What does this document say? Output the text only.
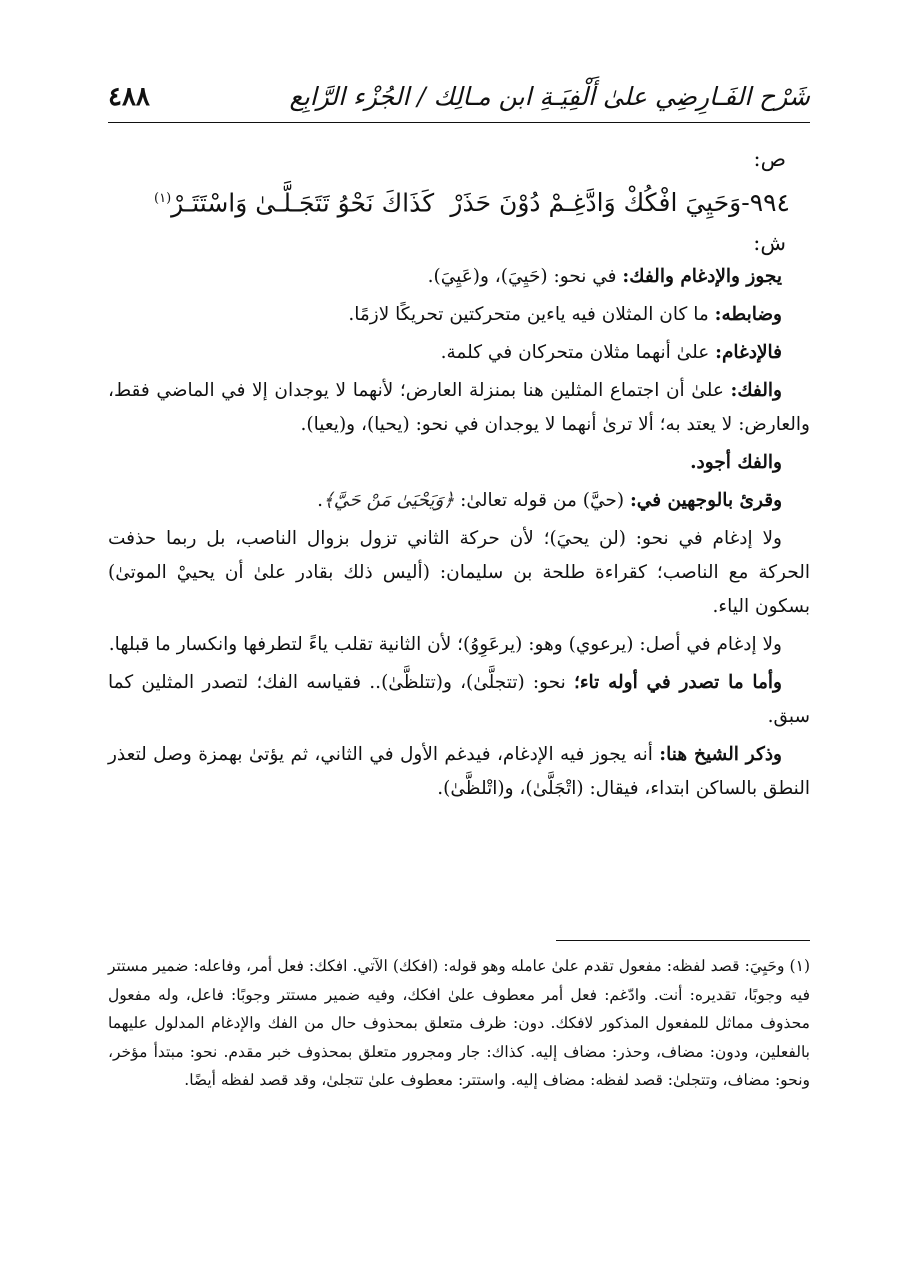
شَرْح الفَـارِضِي علىٰ أَلْفِيَـةِ ابن مـالِك / الجُزْء الرَّابِع
٤٨٨
ص:
٩٩٤-وَحَيِيَ افْكُكْ وَادَّغِـمْ دُوْنَ حَذَرْ
كَذَاكَ نَحْوُ تَتَجَـلَّـىٰ وَاسْتَتَـرْ$^{(١)}$
ش:

يجوز والإدغام والفك: في نحو: (حَيِيَ)، و(عَيِيَ).

وضابطه: ما كان المثلان فيه ياءين متحركتين تحريكًا لازمًا.

فالإدغام: علىٰ أنهما مثلان متحركان في كلمة.

والفك: علىٰ أن اجتماع المثلين هنا بمنزلة العارض؛ لأنهما لا يوجدان إلا في الماضي فقط، والعارض: لا يعتد به؛ ألا ترىٰ أنهما لا يوجدان في نحو: (يحيا)، و(يعيا).

والفك أجود.

وقرئ بالوجهين في: (حيَّ) من قوله تعالىٰ: ﴿وَيَحْيَىٰ مَنْ حَيَّ﴾.

ولا إدغام في نحو: (لن يحيَ)؛ لأن حركة الثاني تزول بزوال الناصب، بل ربما حذفت الحركة مع الناصب؛ كقراءة طلحة بن سليمان: (أليس ذلك بقادر علىٰ أن يحييْ الموتىٰ) بسكون الياء.

ولا إدغام في أصل: (يرعوي) وهو: (يرعَوِوُ)؛ لأن الثانية تقلب ياءً لتطرفها وانكسار ما قبلها.

وأما ما تصدر في أوله تاء؛ نحو: (تتجلَّىٰ)، و(تتلظَّىٰ).. فقياسه الفك؛ لتصدر المثلين كما سبق.

وذكر الشيخ هنا: أنه يجوز فيه الإدغام، فيدغم الأول في الثاني، ثم يؤتىٰ بهمزة وصل لتعذر النطق بالساكن ابتداء، فيقال: (اتْجَلَّىٰ)، و(اتْلظَّىٰ).

(١) وحَيِيَ: قصد لفظه: مفعول تقدم علىٰ عامله وهو قوله: (افكك) الآتي. افكك: فعل أمر، وفاعله: ضمير مستتر فيه وجوبًا، تقديره: أنت. وادّغم: فعل أمر معطوف علىٰ افكك، وفيه ضمير مستتر وجوبًا: فاعل، وله مفعول محذوف مماثل للمفعول المذكور لافكك. دون: ظرف متعلق بمحذوف حال من الفك والإدغام المدلول عليهما بالفعلين، ودون: مضاف، وحذر: مضاف إليه. كذاك: جار ومجرور متعلق بمحذوف خبر مقدم. نحو: مبتدأ مؤخر، ونحو: مضاف، وتتجلىٰ: قصد لفظه: مضاف إليه. واستتر: معطوف علىٰ تتجلىٰ، وقد قصد لفظه أيضًا.
